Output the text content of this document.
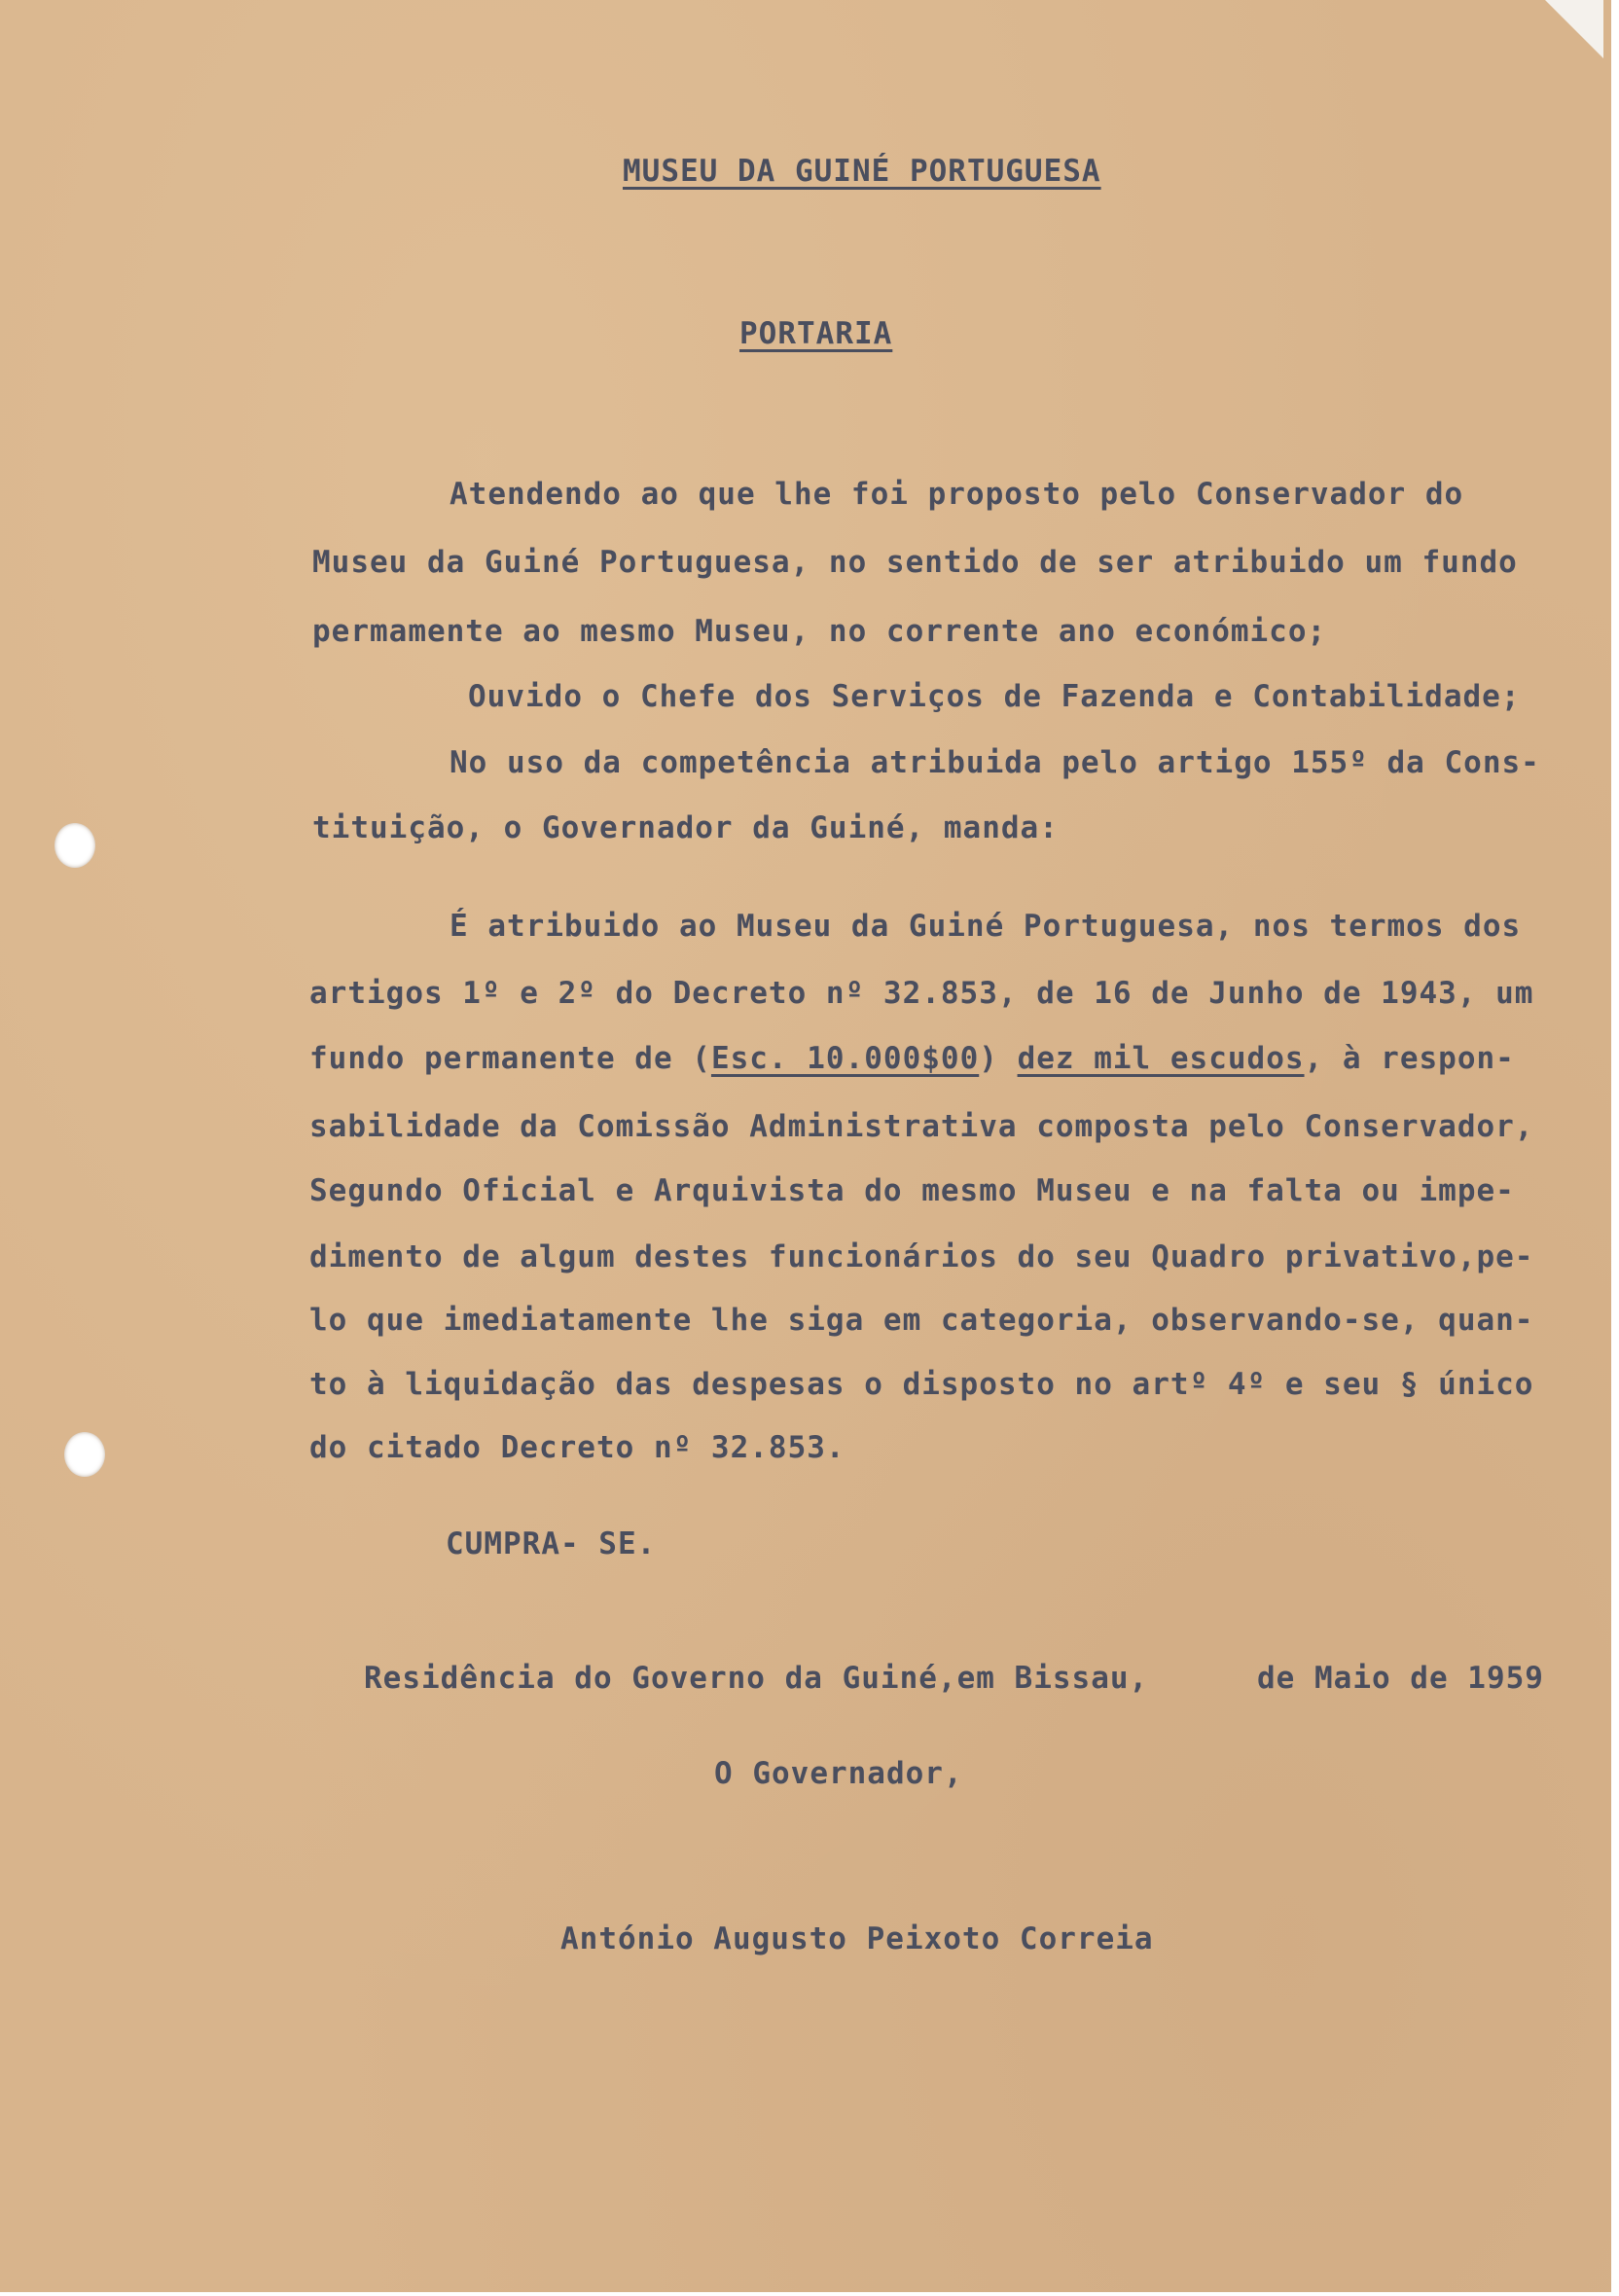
MUSEU DA GUINÉ PORTUGUESA

PORTARIA

Atendendo ao que lhe foi proposto pelo Conservador do

Museu da Guiné Portuguesa, no sentido de ser atribuido um fundo

permamente ao mesmo Museu, no corrente ano económico;

Ouvido o Chefe dos Serviços de Fazenda e Contabilidade;

No uso da competência atribuida pelo artigo 155º da Cons-

tituição, o Governador da Guiné, manda:

É atribuido ao Museu da Guiné Portuguesa, nos termos dos

artigos 1º e 2º do Decreto nº 32.853, de 16 de Junho de 1943, um

fundo permanente de (Esc. 10.000$00) dez mil escudos, à respon-

sabilidade da Comissão Administrativa composta pelo Conservador,

Segundo Oficial e Arquivista do mesmo Museu e na falta ou impe-

dimento de algum destes funcionários do seu Quadro privativo,pe-

lo que imediatamente lhe siga em categoria, observando-se, quan-

to à liquidação das despesas o disposto no artº 4º e seu § único

do citado Decreto nº 32.853.

CUMPRA- SE.

Residência do Governo da Guiné,em Bissau,	de Maio de 1959

O Governador,

António Augusto Peixoto Correia
